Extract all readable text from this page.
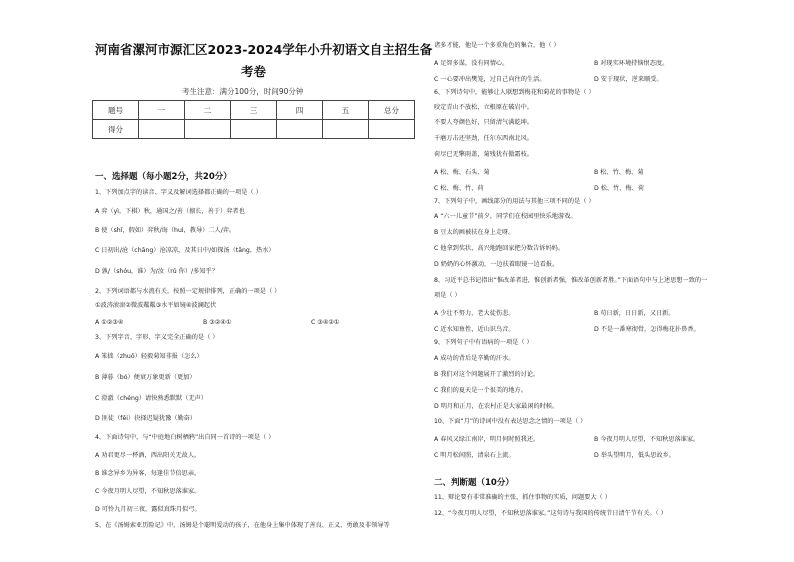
河南省漯河市源汇区2023-2024学年小升初语文自主招生备
考卷
考生注意：满分100分，时间90分钟
题号	一	二	三	四	五	总分
得分						
一、选择题（每小题2分，共20分）
1、下列加点字的读音、字义及解词选择都正确的一项是（ ）
A 弈（yì，下棋）秋，通国之/善（擅长，善于）弈者也
B 使（shǐ，假如）弈秋/诲（huì，教导）二人/弈。
C 日初出/沧（chāng）沧凉凉，及其日中/如探汤（tāng，热水）
D 孰/（shóu，谁）为/汝（rǔ 你）/多知乎？
2、下列词语都与水流有关，按照一定规律排列，正确的一项是（ ）
①波涛滚滚②微波粼粼③水平如镜④波澜起伏
A ①②③④	B ③②④①	C ③④②①
3、下列字音、字形、字义完全正确的是（ ）
A 笨拙（zhuō）轻毅菊知非报（怎么）
B 薄暮（bó）便衰万象更新（更加）
C 澄澈（chéng）请快熟悉默默（无声）
D 匪徒（fěi）抉择迟疑犹豫（勤奋）
4、下面诗句中，与“中庭地白树栖鸦”出自同一首诗的一项是（ ）
A 劝君更尽一杯酒，西出阳关无故人。
B 谁念异乡为异客，每逢佳节倍思亲。
C 今夜月明人尽望，不知秋思落谁家。
D 可怜九月初三夜，露似真珠月似弓。
5、在《汤姆索亚历险记》中，汤姆是个聪明爱动的孩子，在他身上集中体现了善良、正义、勇敢及非领导等
诸多才能，他是一个多重角色的集合，他（ ）
A 足智多谋，没有同情心。	B 对现实环境持恼恨态度。
C 一心要冲出樊笼，过自己向往的生活。	D 安于现状，逆来顺受。
6、下列诗句中，能够让人联想到梅花和菊花的事物是（ ）
咬定青山不放松，立根原在破岩中。
不要人夸颜色好，只留清气满乾坤。
千磨万击还坚劲，任尔东西南北风。
荷尽已无擎雨盖，菊残犹有傲霜枝。
A 松、梅、石头、菊	B 松、竹、梅、菊
C 松、梅、竹、荷	D 松、竹、梅、荷
7、下列句子中，画线部分的用法与其他三项不同的是（ ）
A “六一儿童节”前夕，同学们在校园里快乐地游戏。
B 豆太的画被扶在身上走呀。
C 他拿到奖状，高兴地跑回家把分数告诉妈妈。
D 奶奶的心怀激动，一边扶着眼镜一边看报。
8、习近平总书记指出“惟改革者进，惟创新者强，惟改革创新者胜。”下面语句中与上述思想一致的一
项是（ ）
A 少壮不努力，老大徒伤悲。	B 苟日新，日日新，又日新。
C 近水知鱼性，近山识鸟音。	D 不是一番寒彻骨，怎得梅花扑鼻香。
9、下列句子中有语病的一项是（ ）
A 成功的背后是辛勤的汗水。
B 我们对这个问题展开了激烈的讨论。
C 我们的夏天是一个很美的地方。
D 明月和正月，在农村正是大家最闲的时候。
10、下面“月”的诗词中没有表达思念之情的一项是（ ）
A 春风又绿江南岸，明月何时照我还。	B 今夜月明人尽望，不知秋思落谁家。
C 明月松间照，清泉石上流。	D 举头望明月，低头思故乡。
二、判断题（10分）
11、辩论要有非常准确的主张，抓住事物的实质，问题要大（ ）
12、“今夜月明人尽望，不知秋思落谁家。”这句诗与我国的传统节日清午节有关。（ ）
